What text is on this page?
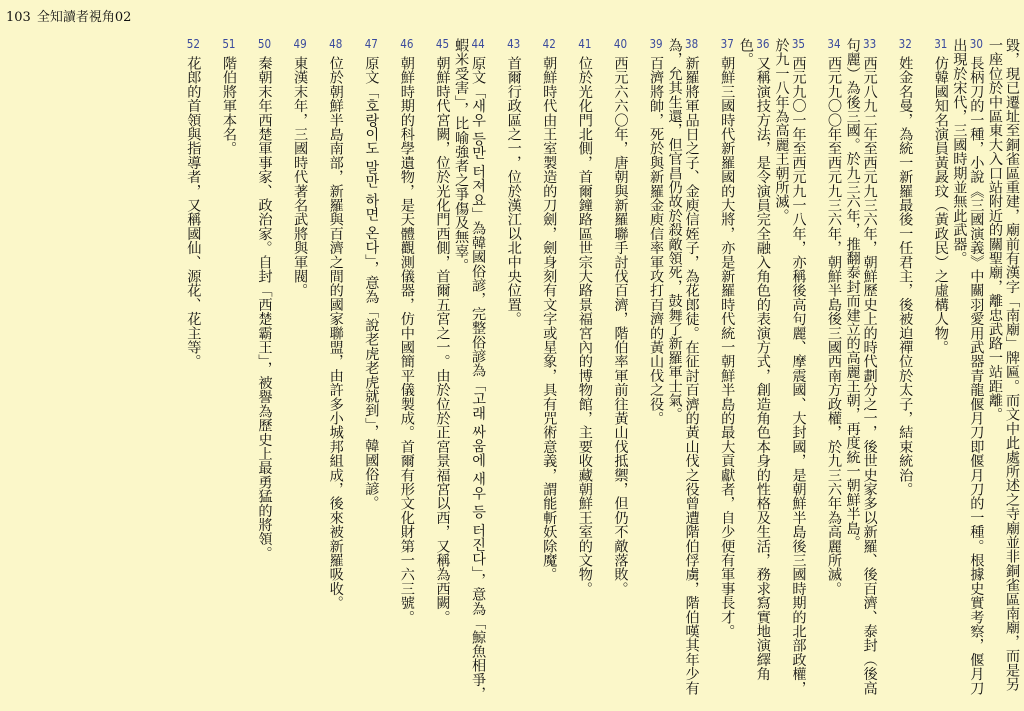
103 全知讀者視角02
毀，現已遷址至銅雀區重建，廟前有漢字「南廟」牌匾。而文中此處所述之寺廟並非銅雀區南廟，而是另一座位於中區東大入口站附近的關聖廟，離忠武路一站距離。
30長柄刀的一種，小說《三國演義》中關羽愛用武器青龍偃月刀即偃月刀的一種。根據史實考察，偃月刀出現於宋代，三國時期並無此武器。
31仿韓國知名演員黃晸玟（黃政民）之虛構人物。
32姓金名曼，為統一新羅最後一任君主，後被迫禪位於太子，結束統治。
33西元八九二年至西元九三六年，朝鮮歷史上的時代劃分之一，後世史家多以新羅、後百濟、泰封（後高句麗）為後三國。於九三六年，推翻泰封而建立的高麗王朝，再度統一朝鮮半島。
34西元九〇〇年至西元九三六年，朝鮮半島後三國西南方政權，於九三六年為高麗所滅。
35西元九〇一年至西元九一八年，亦稱後高句麗、摩震國、大封國，是朝鮮半島後三國時期的北部政權，於九一八年為高麗王朝所滅。
36又稱演技方法，是令演員完全融入角色的表演方式，創造角色本身的性格及生活，務求寫實地演繹角色。
37朝鮮三國時代新羅國的大將，亦是新羅時代統一朝鮮半島的最大貢獻者，自少便有軍事長才。
38新羅將軍品日之子、金庾信姪子，為花郎徒。在征討百濟的黃山伐之役曾遭階伯俘虜，階伯嘆其年少有為，允其生還，但官昌仍故於殺敵領死，鼓舞了新羅軍士氣。
39百濟將帥，死於與新羅金庾信率軍攻打百濟的黃山伐之役。
40西元六六〇年，唐朝與新羅聯手討伐百濟，階伯率軍前往黃山伐抵禦，但仍不敵落敗。
41位於光化門北側，首爾鐘路區世宗大路景福宮內的博物館，主要收藏朝鮮王室的文物。
42朝鮮時代由王室製造的刀劍，劍身刻有文字或星象，具有咒術意義，謂能斬妖除魔。
43首爾行政區之一，位於漢江以北中央位置。
44原文「새우 등만 터져요」為韓國俗諺，完整俗諺為「고래 싸움에 새우 등 터진다」，意為「鯨魚相爭，蝦米受害」，比喻強者之爭傷及無辜。
45朝鮮時代宮闕，位於光化門西側，首爾五宮之一。由於位於正宮景福宮以西，又稱為西闕。
46朝鮮時期的科學遺物，是天體觀測儀器，仿中國簡平儀製成。首爾有形文化財第一六三號。
47原文「호랑이도 말만 하면 온다」，意為「說老虎老虎就到」，韓國俗諺。
48位於朝鮮半島南部，新羅與百濟之間的國家聯盟，由許多小城邦組成，後來被新羅吸收。
49東漢末年，三國時代著名武將與軍閥。
50秦朝末年西楚軍事家、政治家。自封「西楚霸王」，被譽為歷史上最勇猛的將領。
51階伯將軍本名。
52花郎的首領與指導者，又稱國仙、源花、花主等。
